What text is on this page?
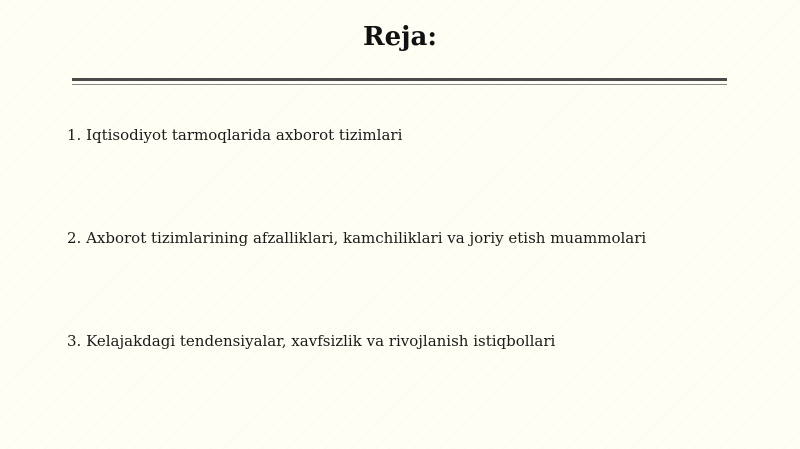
Reja:
1. Iqtisodiyot tarmoqlarida axborot tizimlari
2. Axborot tizimlarining afzalliklari, kamchiliklari va joriy etish muammolari
3. Kelajakdagi tendensiyalar, xavfsizlik va rivojlanish istiqbollari
